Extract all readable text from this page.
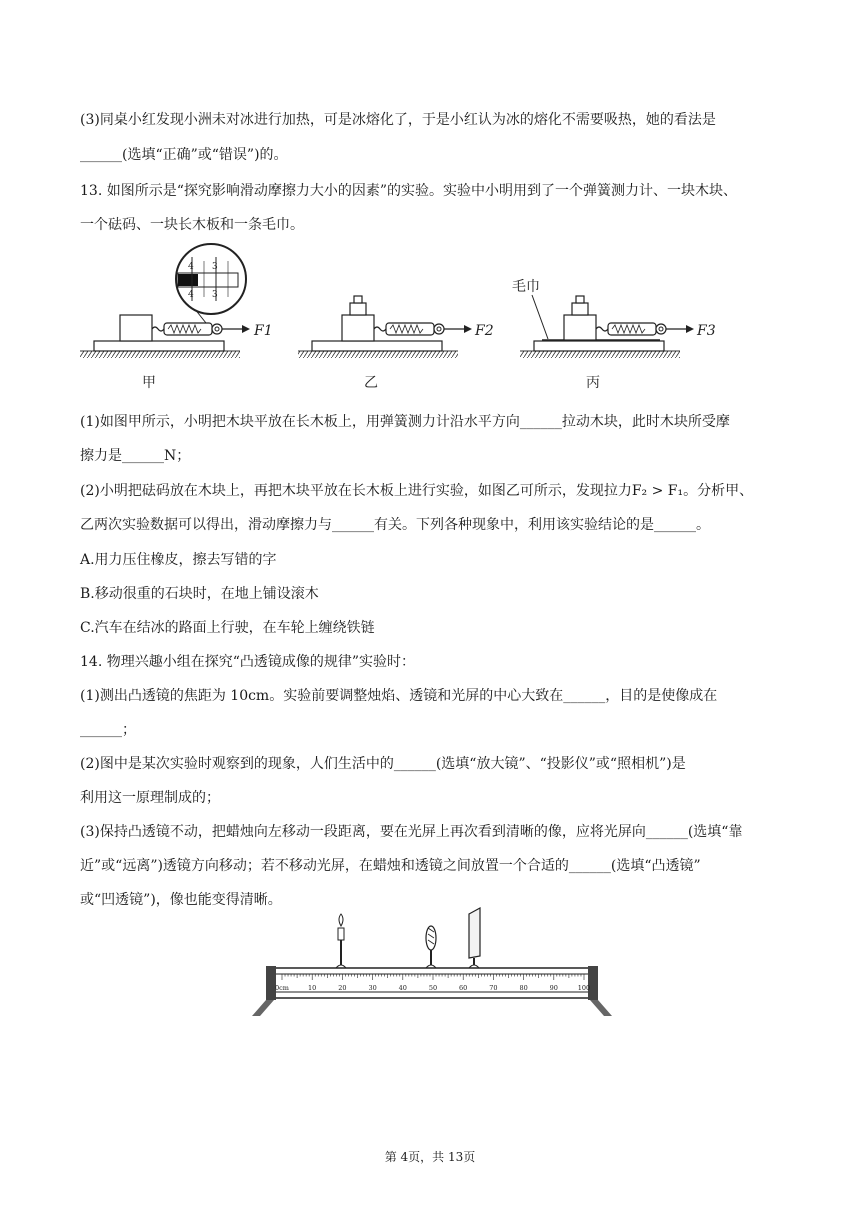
(3)同桌小红发现小洲未对冰进行加热，可是冰熔化了，于是小红认为冰的熔化不需要吸热，她的看法是
______(选填“正确”或“错误”)的。
13. 如图所示是“探究影响滑动摩擦力大小的因素”的实验。实验中小明用到了一个弹簧测力计、一块木块、
一个砝码、一块长木板和一条毛巾。
F1
4 3
4 3
甲
F2
乙
F3
毛巾
丙
(1)如图甲所示，小明把木块平放在长木板上，用弹簧测力计沿水平方向______拉动木块，此时木块所受摩
擦力是______N；
(2)小明把砝码放在木块上，再把木块平放在长木板上进行实验，如图乙可所示，发现拉力F₂ > F₁。分析甲、
乙两次实验数据可以得出，滑动摩擦力与______有关。下列各种现象中，利用该实验结论的是______。
A.用力压住橡皮，擦去写错的字
B.移动很重的石块时，在地上铺设滚木
C.汽车在结冰的路面上行驶，在车轮上缠绕铁链
14. 物理兴趣小组在探究“凸透镜成像的规律”实验时：
(1)测出凸透镜的焦距为 10cm。实验前要调整烛焰、透镜和光屏的中心大致在______，目的是使像成在
______；
(2)图中是某次实验时观察到的现象，人们生活中的______(选填“放大镜”、“投影仪”或“照相机”)是
利用这一原理制成的；
(3)保持凸透镜不动，把蜡烛向左移动一段距离，要在光屏上再次看到清晰的像，应将光屏向______(选填“靠
近”或“远离”)透镜方向移动；若不移动光屏，在蜡烛和透镜之间放置一个合适的______(选填“凸透镜”
或“凹透镜”)，像也能变得清晰。
0cm	10	20	30	40	50	60	70	80	90	100
第 4页，共 13页
